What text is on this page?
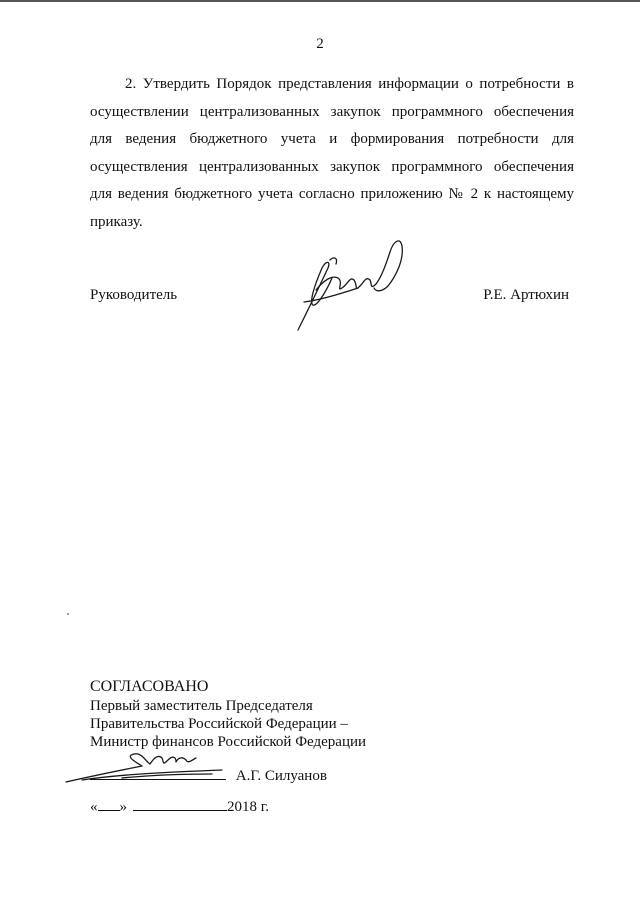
2
2. Утвердить Порядок представления информации о потребности в
осуществлении централизованных закупок программного обеспечения
для ведения бюджетного учета и формирования потребности для
осуществления централизованных закупок программного обеспечения
для ведения бюджетного учета согласно приложению № 2 к настоящему
приказу.
Руководитель	Р.Е. Артюхин
СОГЛАСОВАНО
Первый заместитель Председателя
Правительства Российской Федерации –
Министр финансов Российской Федерации
А.Г. Силуанов
« »	2018 г.
